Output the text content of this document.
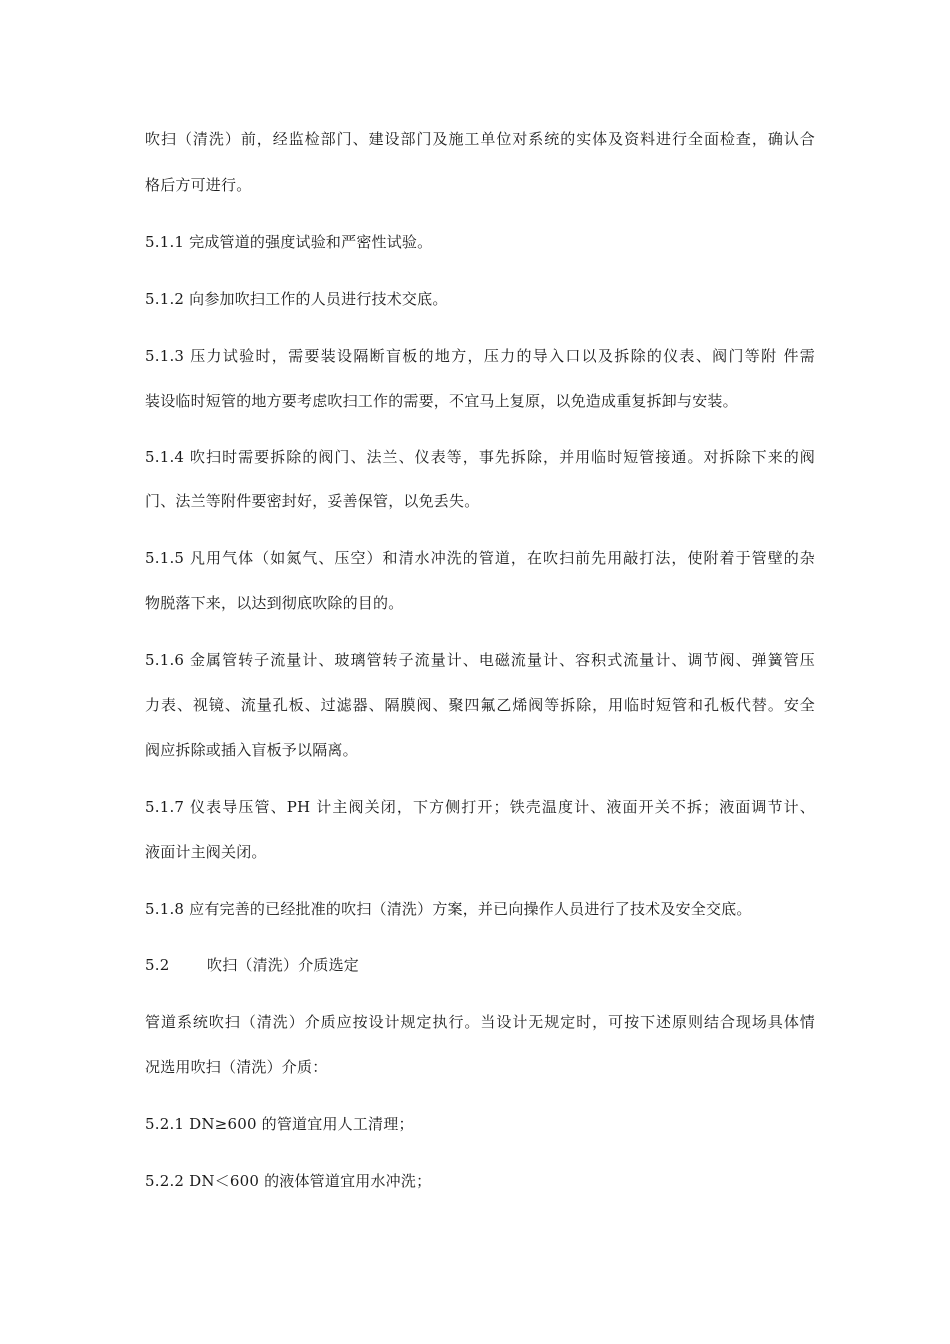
吹扫（清洗）前，经监检部门、建设部门及施工单位对系统的实体及资料进行全面检查，确认合
格后方可进行。
5.1.1 完成管道的强度试验和严密性试验。
5.1.2 向参加吹扫工作的人员进行技术交底。
5.1.3 压力试验时，需要装设隔断盲板的地方，压力的导入口以及拆除的仪表、阀门等附 件需
装设临时短管的地方要考虑吹扫工作的需要，不宜马上复原，以免造成重复拆卸与安装。
5.1.4 吹扫时需要拆除的阀门、法兰、仪表等，事先拆除，并用临时短管接通。对拆除下来的阀
门、法兰等附件要密封好，妥善保管，以免丢失。
5.1.5 凡用气体（如氮气、压空）和清水冲洗的管道，在吹扫前先用敲打法，使附着于管壁的杂
物脱落下来，以达到彻底吹除的目的。
5.1.6 金属管转子流量计、玻璃管转子流量计、电磁流量计、容积式流量计、调节阀、弹簧管压
力表、视镜、流量孔板、过滤器、隔膜阀、聚四氟乙烯阀等拆除，用临时短管和孔板代替。安全
阀应拆除或插入盲板予以隔离。
5.1.7 仪表导压管、PH 计主阀关闭，下方侧打开；铁壳温度计、液面开关不拆；液面调节计、
液面计主阀关闭。
5.1.8 应有完善的已经批准的吹扫（清洗）方案，并已向操作人员进行了技术及安全交底。
5.2	吹扫（清洗）介质选定
管道系统吹扫（清洗）介质应按设计规定执行。当设计无规定时，可按下述原则结合现场具体情
况选用吹扫（清洗）介质：
5.2.1 DN≥600 的管道宜用人工清理；
5.2.2 DN＜600 的液体管道宜用水冲洗；
